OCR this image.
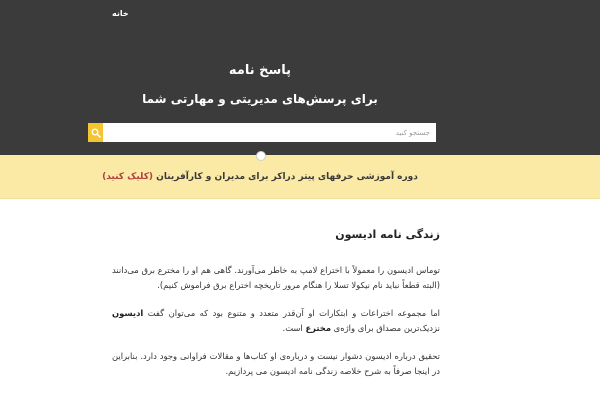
خانه
پاسخ نامه
برای پرسش‌های مدیریتی و مهارتی شما
جستجو کنید
دوره آموزشی حرفهای پیتر دراکر برای مدیران و کارآفرینان (کلیک کنید)
زندگی نامه ادیسون

توماس ادیسون را معمولاً با اختراع لامپ به خاطر می‌آورند. گاهی هم او را مخترع برق می‌دانند (البته قطعاً نباید نام نیکولا تسلا را هنگام مرور تاریخچه اختراع برق فراموش کنیم).

اما مجموعه اختراعات و ابتکارات او آن‌قدر متعدد و متنوع بود که می‌توان گفت ادیسون نزدیک‌ترین مصداق برای واژه‌ی مخترع است.

تحقیق درباره ادیسون دشوار نیست و درباره‌ی او کتاب‌ها و مقالات فراوانی وجود دارد. بنابراین در اینجا صرفاً به شرح خلاصه زندگی نامه ادیسون می پردازیم.
